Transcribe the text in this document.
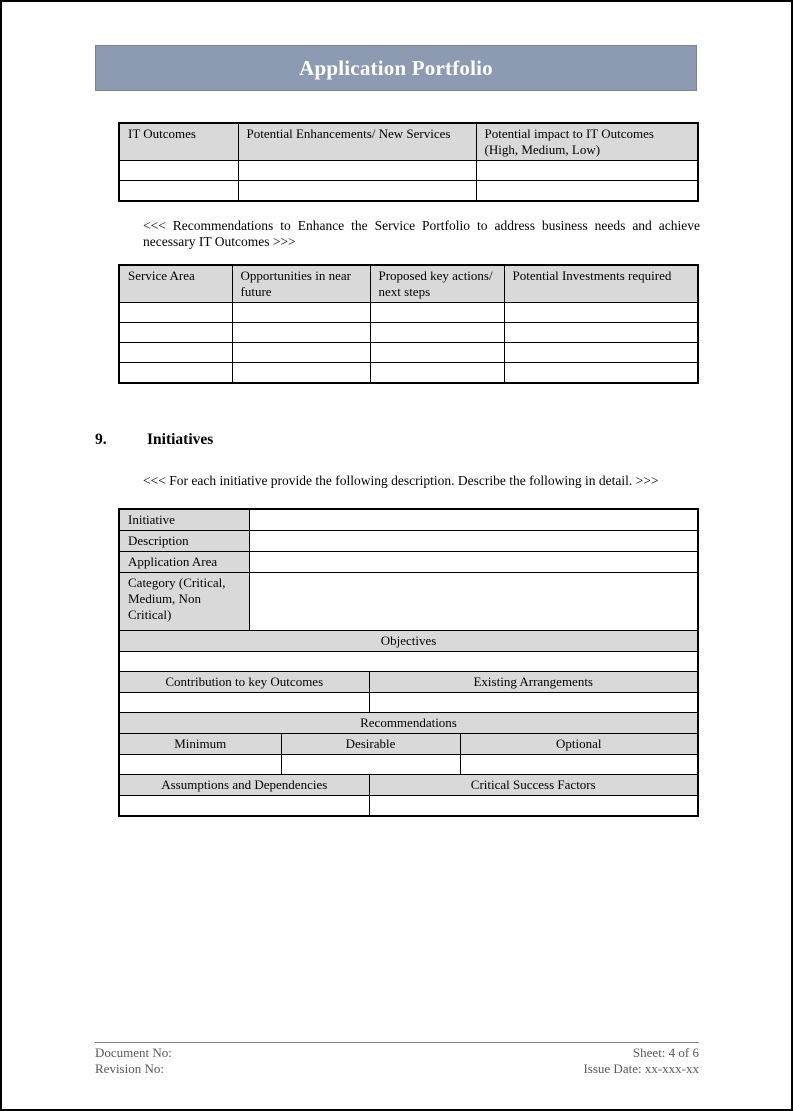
Application Portfolio
IT Outcomes	Potential Enhancements/ New Services	Potential impact to IT Outcomes (High, Medium, Low)

<<< Recommendations to Enhance the Service Portfolio to address business needs and achieve necessary IT Outcomes >>>

Service Area	Opportunities in near future	Proposed key actions/ next steps	Potential Investments required

9.	Initiatives

<<< For each initiative provide the following description. Describe the following in detail. >>>

Initiative				
Description				
Application Area				
Category (Critical, Medium, Non Critical)				
Objectives				

Contribution to key Outcomes			Existing Arrangements	

Recommendations				
Minimum		Desirable		Optional

Assumptions and Dependencies			Critical Success Factors	

Document No:
Revision No:
Sheet: 4 of 6
Issue Date: xx-xxx-xx
